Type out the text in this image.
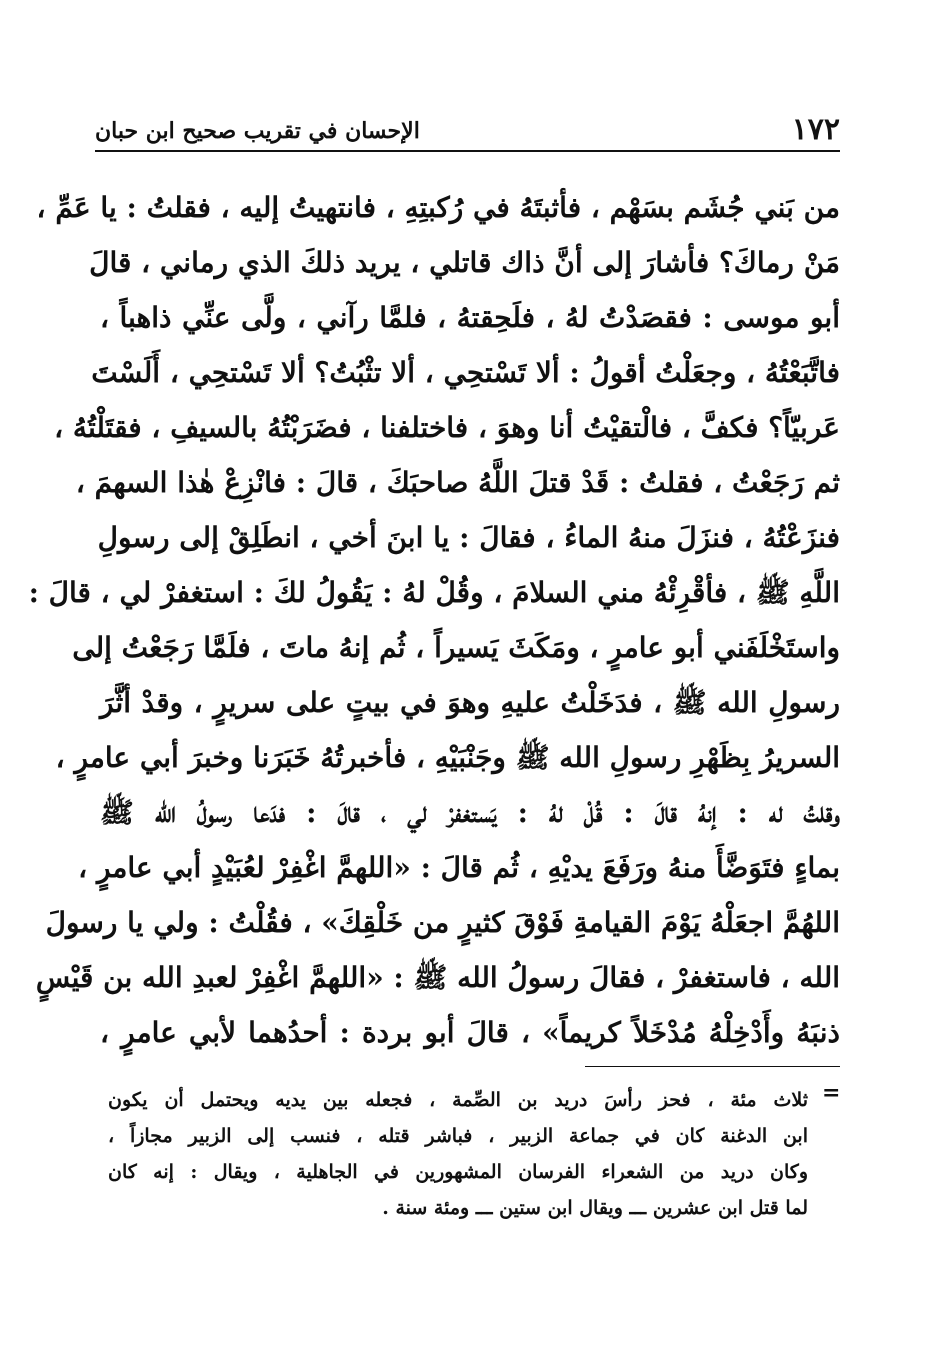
١٧٢
الإحسان في تقريب صحيح ابن حبان
من بَني جُشَم بسَهْم ، فأثبتَهُ في رُكبتِهِ ، فانتهيتُ إليه ، فقلتُ : يا عَمِّ ،
مَنْ رماكَ؟ فأشارَ إلى أنَّ ذاك قاتلي ، يريد ذلكَ الذي رماني ، قالَ
أبو موسى : فقصَدْتُ لهُ ، فلَحِقتهُ ، فلمَّا رآني ، ولَّى عنِّي ذاهباً ،
فاتَّبَعْتُهُ ، وجعَلْتُ أقولُ : ألا تَسْتحِي ، ألا تثْبُتُ؟ ألا تَسْتحِي ، أَلَسْتَ
عَربيّاً؟ فكفَّ ، فالْتقيْتُ أنا وهوَ ، فاختلفنا ، فضَرَبْتُهُ بالسيفِ ، فقتَلْتُهُ ،
ثم رَجَعْتُ ، فقلتُ : قَدْ قتلَ اللَّهُ صاحبَكَ ، قالَ : فانْزِعْ هٰذا السهمَ ،
فنزَعْتُهُ ، فنزَلَ منهُ الماءُ ، فقالَ : يا ابنَ أخي ، انطَلِقْ إلى رسولِ
اللَّهِ ﷺ ، فأقْرِئْهُ مني السلامَ ، وقُلْ لهُ : يَقُولُ لكَ : استغفرْ لي ، قالَ :
واستَخْلَفَني أبو عامرٍ ، ومَكَثَ يَسيراً ، ثُم إنهُ ماتَ ، فلَمَّا رَجَعْتُ إلى
رسولِ الله ﷺ ، فدَخَلْتُ عليهِ وهوَ في بيتٍ على سريرٍ ، وقدْ أثَّرَ
السريرُ بِظَهْرِ رسولِ الله ﷺ وجَنْبَيْهِ ، فأخبرتُهُ خَبَرَنا وخبرَ أبي عامرٍ ،
وقلتُ له : إنهُ قالَ : قُلْ لهُ : يَستغفرْ لي ، قالَ : فدَعا رسولُ الله ﷺ
بماءٍ فتَوَضَّأَ منهُ ورَفَعَ يديْهِ ، ثُم قالَ : «اللهمَّ اغْفِرْ لعُبَيْدٍ أبي عامرٍ ،
اللهُمَّ اجعَلْهُ يَوْمَ القيامةِ فَوْقَ كثيرٍ من خَلْقِكَ» ، فقُلْتُ : ولي يا رسولَ
الله ، فاستغفرْ ، فقالَ رسولُ الله ﷺ : «اللهمَّ اغْفِرْ لعبدِ الله بن قَيْسٍ
ذنبَهُ وأَدْخِلْهُ مُدْخَلاً كريماً» ، قالَ أبو بردة : أحدُهما لأبي عامرٍ ،
=
ثلاث مئة ، فحز رأسَ دريد بن الصِّمة ، فجعله بين يديه ويحتمل أن يكون
ابن الدغنة كان في جماعة الزبير ، فباشر قتله ، فنسب إلى الزبير مجازاً ،
وكان دريد من الشعراء الفرسان المشهورين في الجاهلية ، ويقال : إنه كان
لما قتل ابن عشرين ـــ ويقال ابن ستين ـــ ومئة سنة .
